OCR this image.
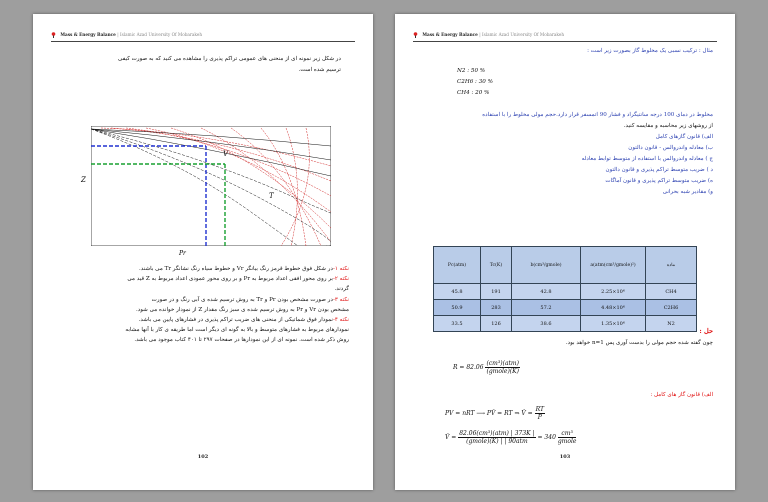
Mass & Energy Balance | Islamic Azad University Of Mobarakeh
در شکل زیر نمونه ای از منحنی های عمومی تراکم پذیری را مشاهده می کنید که به صورت کیفی
ترسیم شده است.
V
T
Z
Pr
نکته ۱-در شکل فوق خطوط قرمز رنگ بیانگر Vr و خطوط سیاه رنگ نشانگر Tr می باشند.
نکته ۲-بر روی محور افقی اعداد مربوط به Pr و بر روی محور عمودی اعداد مربوط به Z قید می
گردند.
نکته ۳-در صورت مشخص بودن Pr و Tr به روش ترسیم شده ی آبی رنگ و در صورت
مشخص بودن Vr و Pr به روش ترسیم شده ی سبز رنگ مقدار Z از نمودار خوانده می شود.
نکته ۴-نمودار فوق شماتیکی از منحنی های ضریب تراکم پذیری در فشارهای پایین می باشد.
نمودارهای مربوط به فشارهای متوسط و بالا به گونه ای دیگر است اما طریقه ی کار با آنها مشابه
روش ذکر شده است. نمونه ای از این نمودارها در صفحات ۲۹۷ تا ۴۰۱ کتاب موجود می باشد.
102
Mass & Energy Balance | Islamic Azad University Of Mobarakeh
مثال : ترکیب نسبی یک مخلوط گاز بصورت زیر است :
N2 : 50 %
C2H6 : 30 %
CH4 : 20 %
مخلوط در دمای 100 درجه سانتیگراد و فشار 90 اتمسفر قرار دارد.حجم مولی مخلوط را با استفاده
از روشهای زیر محاسبه و مقایسه کنید.
الف) قانون گازهای کامل
ب) معادله واندروالس - قانون دالتون
ج ) معادله واندروالس با استفاده از متوسط توابط معادله
د ) ضریب متوسط تراکم پذیری و قانون دالتون
ه) ضریب متوسط تراکم پذیری و قانون آماگات
و) مقادیر شبه بحرانی
Pc(atm)	Tc(K)	b(cm³/gmole)	a(atm(cm³/gmole)²)	ماده
45.8	191	42.8	2.25×10⁶	CH4
50.9	283	57.2	4.48×10⁶	C2H6
33.5	126	38.6	1.35×10⁶	N2
حل :
چون گفته شده حجم مولی را بدست آوری پس n=1 خواهد بود.
$R = 82.06 \frac{\text{(cm³)(atm)}}{\text{(gmole)(K)}}$
الف) قانون گاز های کامل :
PV = nRT ⟶ PV̂ = RT ⇒ V̂ = $\frac{RT}{P}$
V̂ = $\frac{\text{82.06(cm³)(atm) | 373K |}}{\text{(gmole)(K) | | 90atm}} = 340 \frac{\text{cm³}}{\text{gmole}}$
103
